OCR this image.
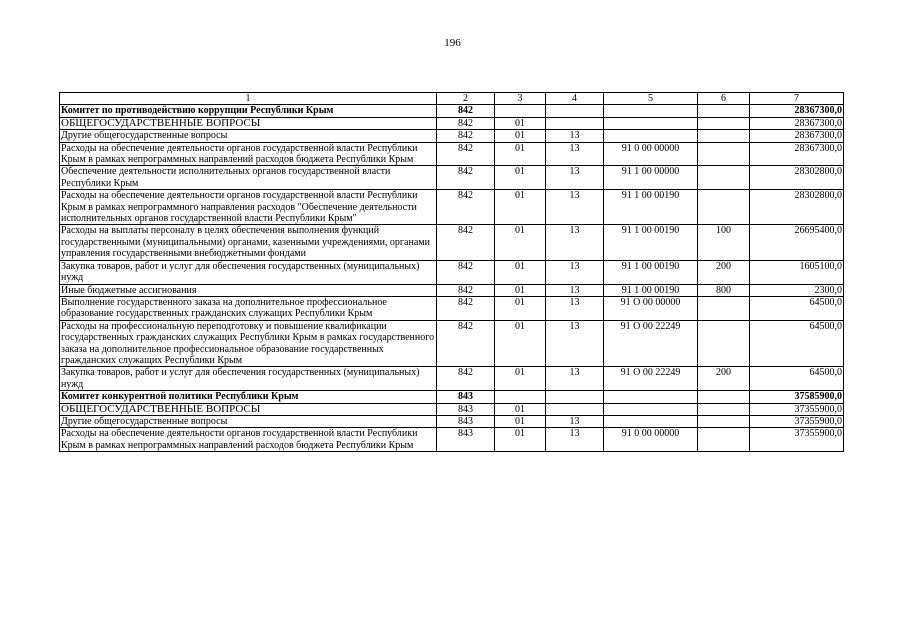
196
1	2	3	4	5	6	7
Комитет по противодействию коррупции Республики Крым	842					28367300,0
ОБЩЕГОСУДАРСТВЕННЫЕ ВОПРОСЫ	842	01				28367300,0
Другие общегосударственные вопросы	842	01	13			28367300,0
Расходы на обеспечение деятельности органов государственной власти Республики Крым в рамках непрограммных направлений расходов бюджета Республики Крым	842	01	13	91 0 00 00000		28367300,0
Обеспечение деятельности исполнительных органов государственной власти Республики Крым	842	01	13	91 1 00 00000		28302800,0
Расходы на обеспечение деятельности органов государственной власти Республики Крым в рамках непрограммного направления расходов "Обеспечение деятельности исполнительных органов государственной власти Республики Крым"	842	01	13	91 1 00 00190		28302800,0
Расходы на выплаты персоналу в целях обеспечения выполнения функций государственными (муниципальными) органами, казенными учреждениями, органами управления государственными внебюджетными фондами	842	01	13	91 1 00 00190	100	26695400,0
Закупка товаров, работ и услуг для обеспечения государственных (муниципальных) нужд	842	01	13	91 1 00 00190	200	1605100,0
Иные бюджетные ассигнования	842	01	13	91 1 00 00190	800	2300,0
Выполнение государственного заказа на дополнительное профессиональное образование государственных гражданских служащих Республики Крым	842	01	13	91 О 00 00000		64500,0
Расходы на профессиональную переподготовку и повышение квалификации государственных гражданских служащих Республики Крым в рамках государственного заказа на дополнительное профессиональное образование государственных гражданских служащих Республики Крым	842	01	13	91 О 00 22249		64500,0
Закупка товаров, работ и услуг для обеспечения государственных (муниципальных) нужд	842	01	13	91 О 00 22249	200	64500,0
Комитет конкурентной политики Республики Крым	843					37585900,0
ОБЩЕГОСУДАРСТВЕННЫЕ ВОПРОСЫ	843	01				37355900,0
Другие общегосударственные вопросы	843	01	13			37355900,0
Расходы на обеспечение деятельности органов государственной власти Республики Крым в рамках непрограммных направлений расходов бюджета Республики Крым	843	01	13	91 0 00 00000		37355900,0
